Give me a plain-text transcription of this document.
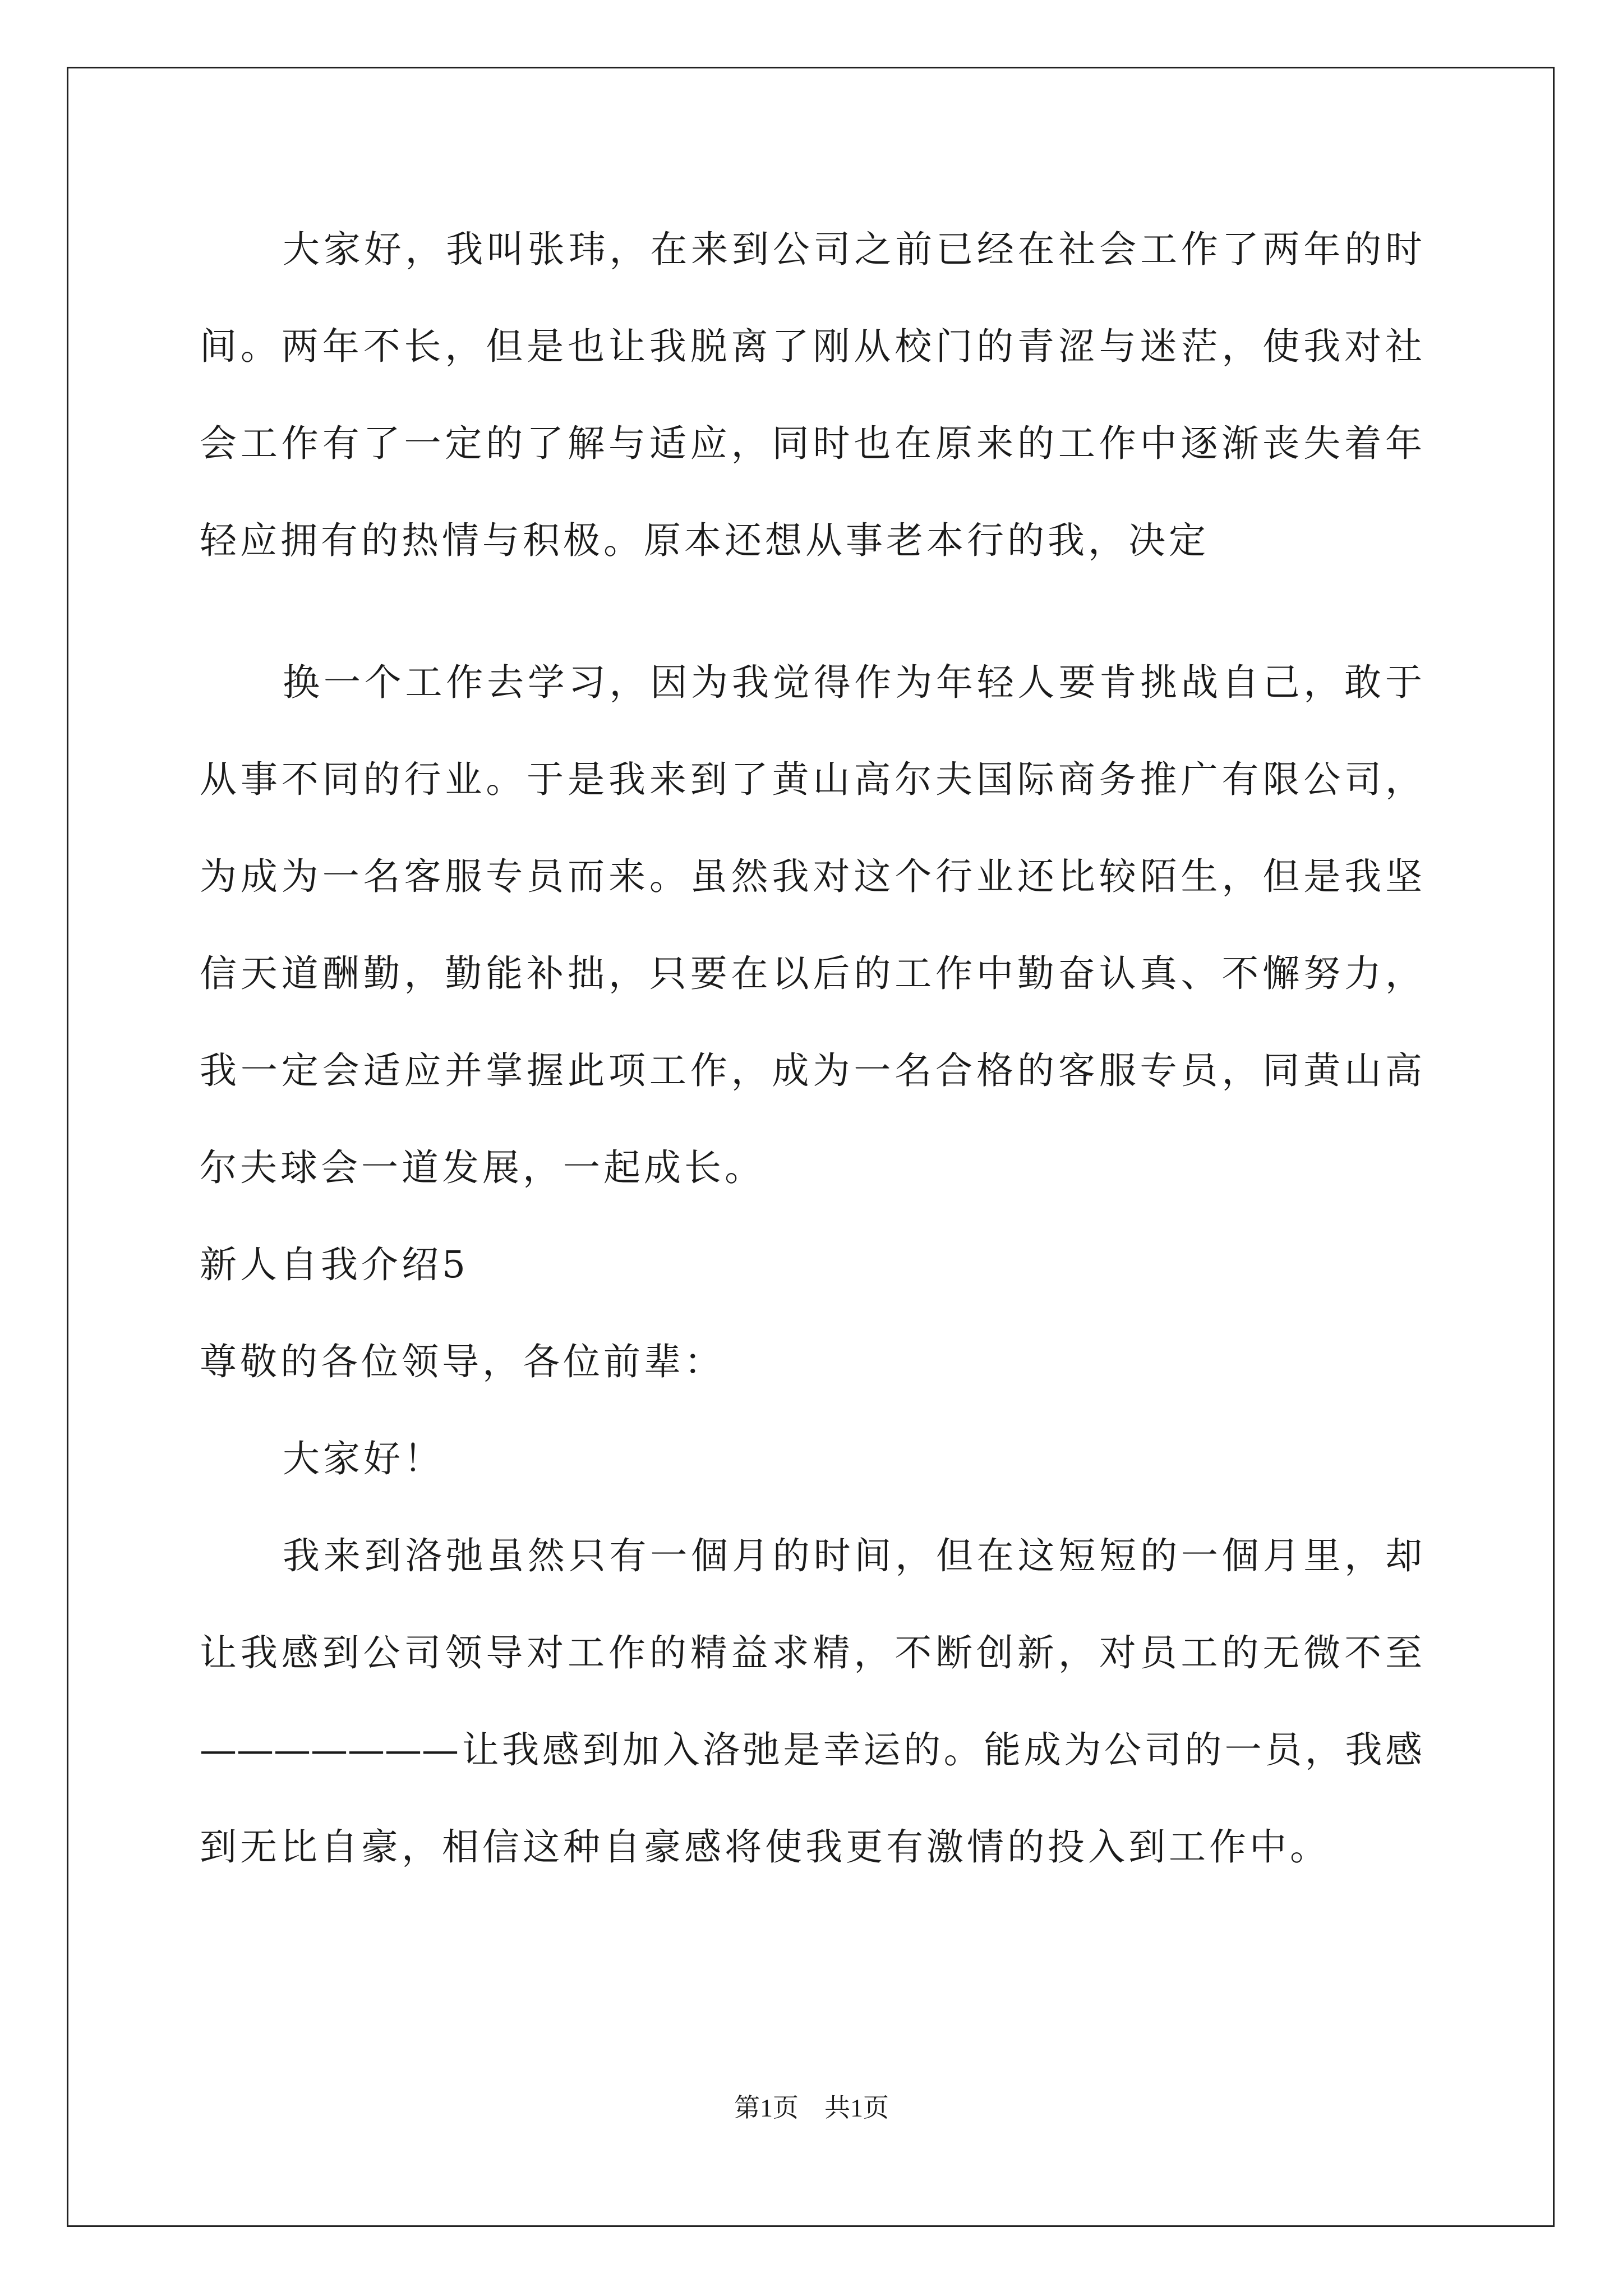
大家好，我叫张玮，在来到公司之前已经在社会工作了两年的时
间。两年不长，但是也让我脱离了刚从校门的青涩与迷茫，使我对社
会工作有了一定的了解与适应，同时也在原来的工作中逐渐丧失着年
轻应拥有的热情与积极。原本还想从事老本行的我，决定
换一个工作去学习，因为我觉得作为年轻人要肯挑战自己，敢于
从事不同的行业。于是我来到了黄山高尔夫国际商务推广有限公司，
为成为一名客服专员而来。虽然我对这个行业还比较陌生，但是我坚
信天道酬勤，勤能补拙，只要在以后的工作中勤奋认真、不懈努力，
我一定会适应并掌握此项工作，成为一名合格的客服专员，同黄山高
尔夫球会一道发展，一起成长。
新人自我介绍5
尊敬的各位领导，各位前辈：
大家好！
我来到洛弛虽然只有一個月的时间，但在这短短的一個月里，却
让我感到公司领导对工作的精益求精，不断创新，对员工的无微不至
———————让我感到加入洛弛是幸运的。能成为公司的一员，我感
到无比自豪，相信这种自豪感将使我更有激情的投入到工作中。
第1页　共1页
